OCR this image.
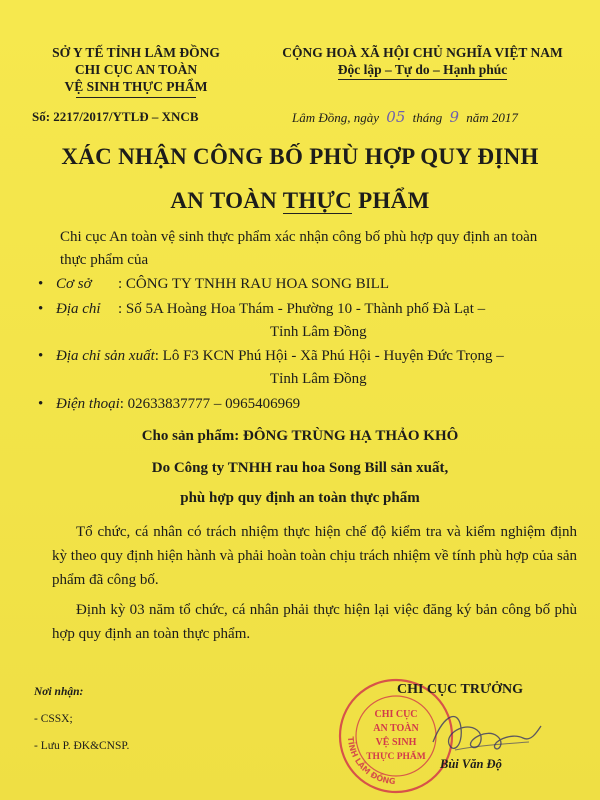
SỞ Y TẾ TỈNH LÂM ĐỒNG
CHI CỤC AN TOÀN
VỆ SINH THỰC PHẨM
CỘNG HOÀ XÃ HỘI CHỦ NGHĨA VIỆT NAM
Độc lập – Tự do – Hạnh phúc
Số: 2217/2017/YTLĐ – XNCB	Lâm Đồng, ngày 05 tháng 9 năm 2017
XÁC NHẬN CÔNG BỐ PHÙ HỢP QUY ĐỊNH
AN TOÀN THỰC PHẨM
Chi cục An toàn vệ sinh thực phẩm xác nhận công bố phù hợp quy định an toàn thực phẩm của
• Cơ sở : CÔNG TY TNHH RAU HOA SONG BILL
• Địa chỉ : Số 5A Hoàng Hoa Thám - Phường 10 - Thành phố Đà Lạt –
Tỉnh Lâm Đồng
• Địa chỉ sản xuất: Lô F3 KCN Phú Hội - Xã Phú Hội - Huyện Đức Trọng –
Tỉnh Lâm Đồng
• Điện thoại: 02633837777 – 0965406969
Cho sản phẩm: ĐÔNG TRÙNG HẠ THẢO KHÔ
Do Công ty TNHH rau hoa Song Bill sản xuất,
phù hợp quy định an toàn thực phẩm
Tổ chức, cá nhân có trách nhiệm thực hiện chế độ kiểm tra và kiểm nghiệm định kỳ theo quy định hiện hành và phải hoàn toàn chịu trách nhiệm về tính phù hợp của sản phẩm đã công bố.
Định kỳ 03 năm tổ chức, cá nhân phải thực hiện lại việc đăng ký bản công bố phù hợp quy định an toàn thực phẩm.
Nơi nhận:
- CSSX;
- Lưu P. ĐK&CNSP.
TỈNH LÂM ĐỒNG
CHI CỤC
AN TOÀN
VỆ SINH
THỰC PHẨM
CHI CỤC TRƯỞNG
Bùi Văn Độ
